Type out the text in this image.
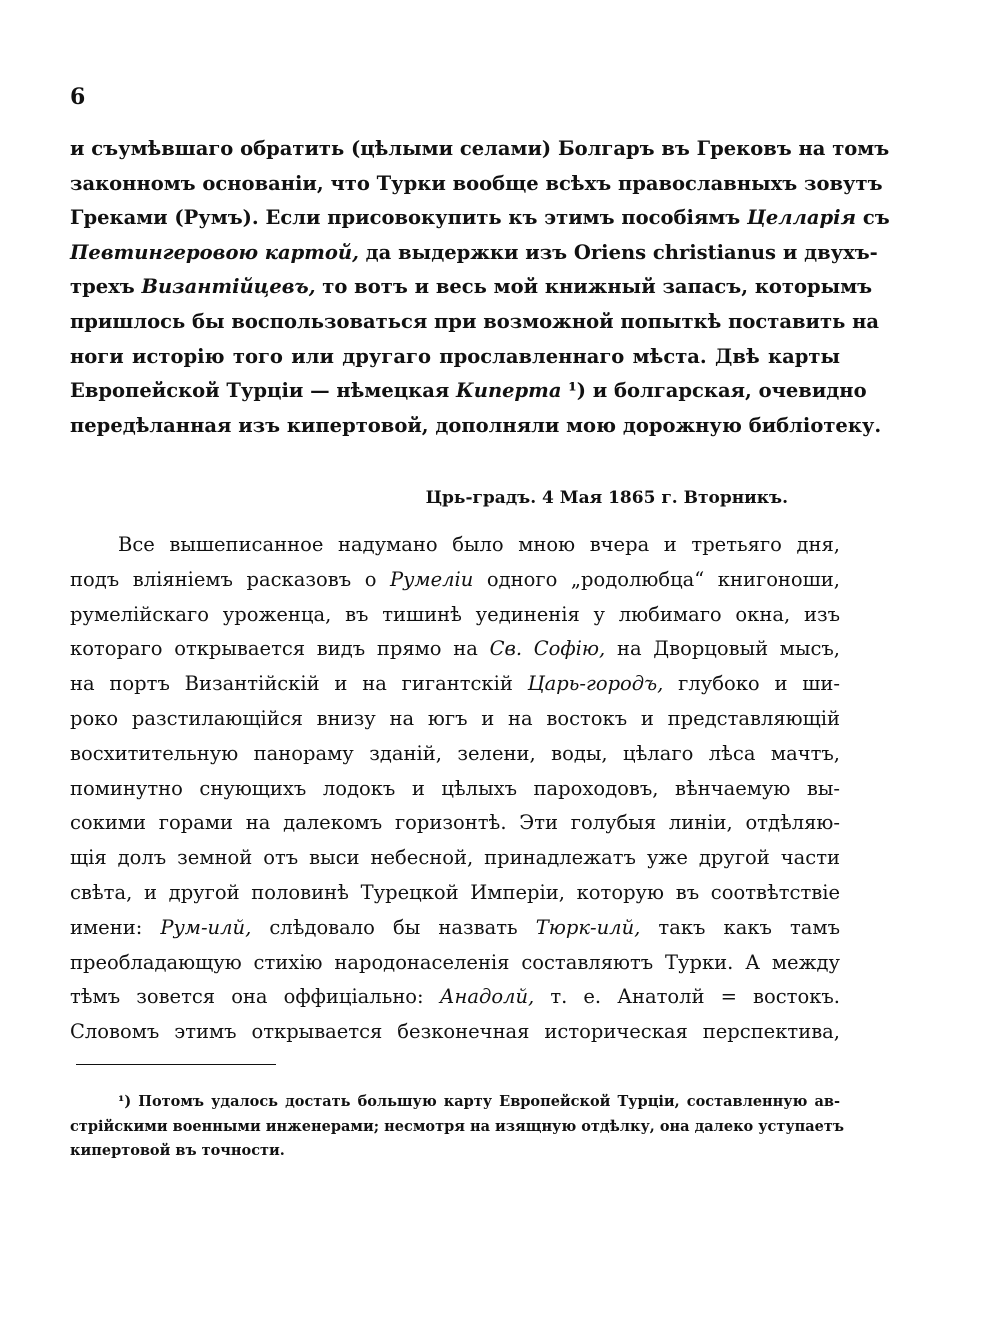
6
и съумѣвшаго обратить (цѣлыми селами) Болгаръ въ Грековъ на томъ
законномъ основаніи, что Турки вообще всѣхъ православныхъ зовутъ
Греками (Румъ). Если присовокупить къ этимъ пособіямъ Целларія съ
Певтингеровою картой, да выдержки изъ Oriens christianus и двухъ-
трехъ Византійцевъ, то вотъ и весь мой книжный запасъ, которымъ
пришлось бы воспользоваться при возможной попыткѣ поставить на
ноги исторію того или другаго прославленнаго мѣста. Двѣ карты
Европейской Турціи — нѣмецкая Киперта ¹) и болгарская, очевидно
передѣланная изъ кипертовой, дополняли мою дорожную библіотеку.
Црь-градъ. 4 Мая 1865 г. Вторникъ.
Все вышеписанное надумано было мною вчера и третьяго дня,
подъ вліяніемъ расказовъ о Румеліи одного „родолюбца“ книгоноши,
румелійскаго уроженца, въ тишинѣ уединенія у любимаго окна, изъ
котораго открывается видъ прямо на Св. Софію, на Дворцовый мысъ,
на портъ Византійскій и на гигантскій Царь-городъ, глубоко и ши-
роко разстилающійся внизу на югъ и на востокъ и представляющій
восхитительную панораму зданій, зелени, воды, цѣлаго лѣса мачтъ,
поминутно снующихъ лодокъ и цѣлыхъ пароходовъ, вѣнчаемую вы-
сокими горами на далекомъ горизонтѣ. Эти голубыя линіи, отдѣляю-
щія долъ земной отъ выси небесной, принадлежатъ уже другой части
свѣта, и другой половинѣ Турецкой Имперіи, которую въ соотвѣтствіе
имени: Рум-илй, слѣдовало бы назвать Тюрк-илй, такъ какъ тамъ
преобладающую стихію народонаселенія составляютъ Турки. А между
тѣмъ зовется она оффиціально: Анадолй, т. е. Анатолй = востокъ.
Словомъ этимъ открывается безконечная историческая перспектива,
¹) Потомъ удалось достать большую карту Европейской Турціи, составленную ав-
стрійскими военными инженерами; несмотря на изящную отдѣлку, она далеко уступаетъ
кипертовой въ точности.
